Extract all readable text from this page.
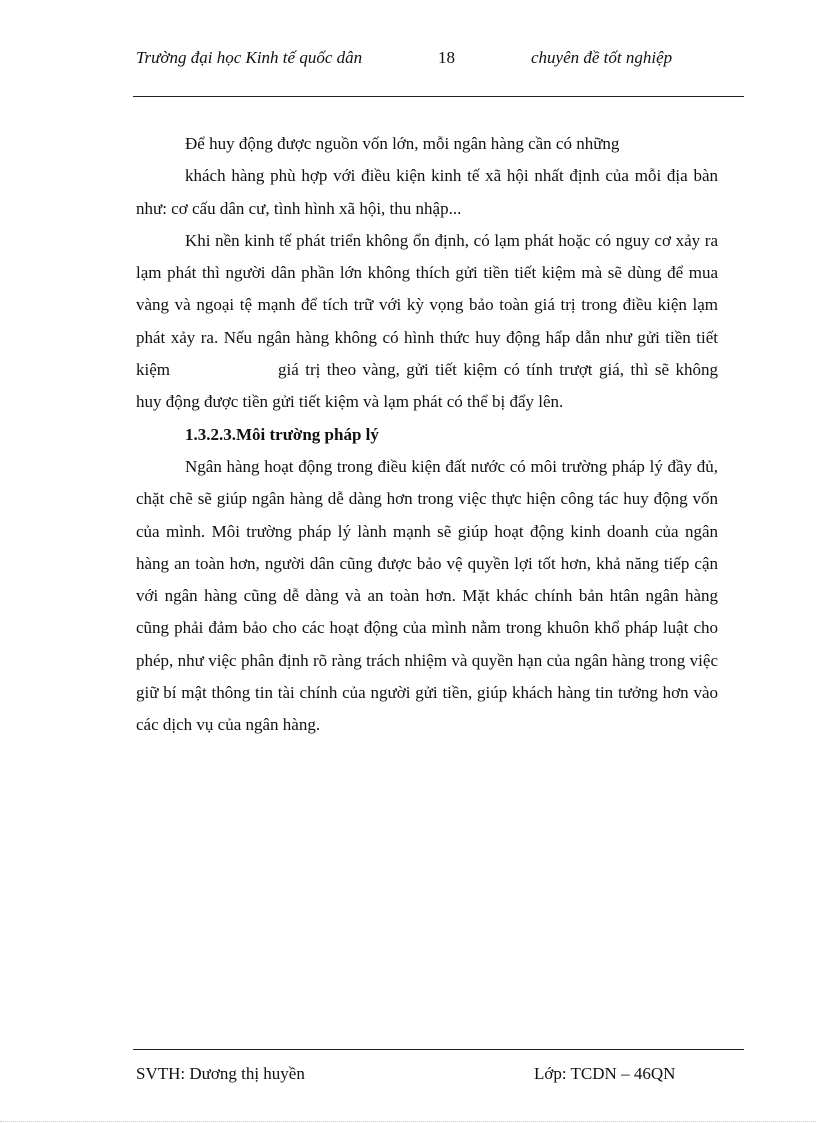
Trường đại học Kinh tế quốc dân	18	chuyên đề tốt nghiệp

Để huy động được nguồn vốn lớn, mỗi ngân hàng cần có những

khách hàng phù hợp với điều kiện kinh tế xã hội nhất định của mỗi địa bàn như: cơ cấu dân cư, tình hình xã hội, thu nhập...

Khi nền kinh tế phát triển không ổn định, có lạm phát hoặc có nguy cơ xảy ra lạm phát thì người dân phần lớn không thích gửi tiền tiết kiệm mà sẽ dùng để mua vàng và ngoại tệ mạnh để tích trữ với kỳ vọng bảo toàn giá trị trong điều kiện lạm phát xảy ra. Nếu ngân hàng không có hình thức huy động hấp dẫn như gửi tiền tiết kiệm	giá trị theo vàng, gửi tiết kiệm có tính trượt giá, thì sẽ không huy động được tiền gửi tiết kiệm và lạm phát có thể bị đẩy lên.

1.3.2.3.Môi trường pháp lý

Ngân hàng hoạt động trong điều kiện đất nước có môi trường pháp lý đầy đủ, chặt chẽ sẽ giúp ngân hàng dễ dàng hơn trong việc thực hiện công tác huy động vốn của mình. Môi trường pháp lý lành mạnh sẽ giúp hoạt động kinh doanh của ngân hàng an toàn hơn, người dân cũng được bảo vệ quyền lợi tốt hơn, khả năng tiếp cận với ngân hàng cũng dễ dàng và an toàn hơn. Mặt khác chính bản htân ngân hàng cũng phải đảm bảo cho các hoạt động của mình nằm trong khuôn khổ pháp luật cho phép, như việc phân định rõ ràng trách nhiệm và quyền hạn của ngân hàng trong việc giữ bí mật thông tin tài chính của người gửi tiền, giúp khách hàng tin tưởng hơn vào các dịch vụ của ngân hàng.

SVTH: Dương thị huyền	Lớp: TCDN – 46QN
